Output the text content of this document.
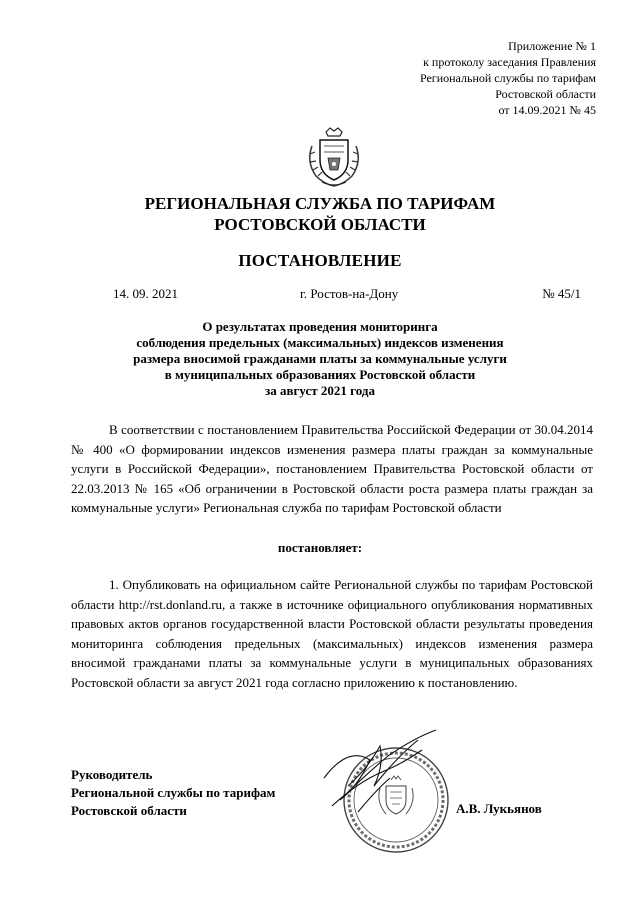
Приложение № 1
к протоколу заседания Правления
Региональной службы по тарифам
Ростовской области
от 14.09.2021 № 45
РЕГИОНАЛЬНАЯ СЛУЖБА ПО ТАРИФАМ
РОСТОВСКОЙ ОБЛАСТИ
ПОСТАНОВЛЕНИЕ
14. 09. 2021	г. Ростов-на-Дону	№ 45/1
О результатах проведения мониторинга
соблюдения предельных (максимальных) индексов изменения
размера вносимой гражданами платы за коммунальные услуги
в муниципальных образованиях Ростовской области
за август 2021 года
В соответствии с постановлением Правительства Российской Федерации от 30.04.2014 № 400 «О формировании индексов изменения размера платы граждан за коммунальные услуги в Российской Федерации», постановлением Правительства Ростовской области от 22.03.2013 № 165 «Об ограничении в Ростовской области роста размера платы граждан за коммунальные услуги» Региональная служба по тарифам Ростовской области
постановляет:
1. Опубликовать на официальном сайте Региональной службы по тарифам Ростовской области http://rst.donland.ru, а также в источнике официального опубликования нормативных правовых актов органов государственной власти Ростовской области результаты проведения мониторинга соблюдения предельных (максимальных) индексов изменения размера вносимой гражданами платы за коммунальные услуги в муниципальных образованиях Ростовской области за август 2021 года согласно приложению к постановлению.
Руководитель
Региональной службы по тарифам
Ростовской области	А.В. Лукьянов
